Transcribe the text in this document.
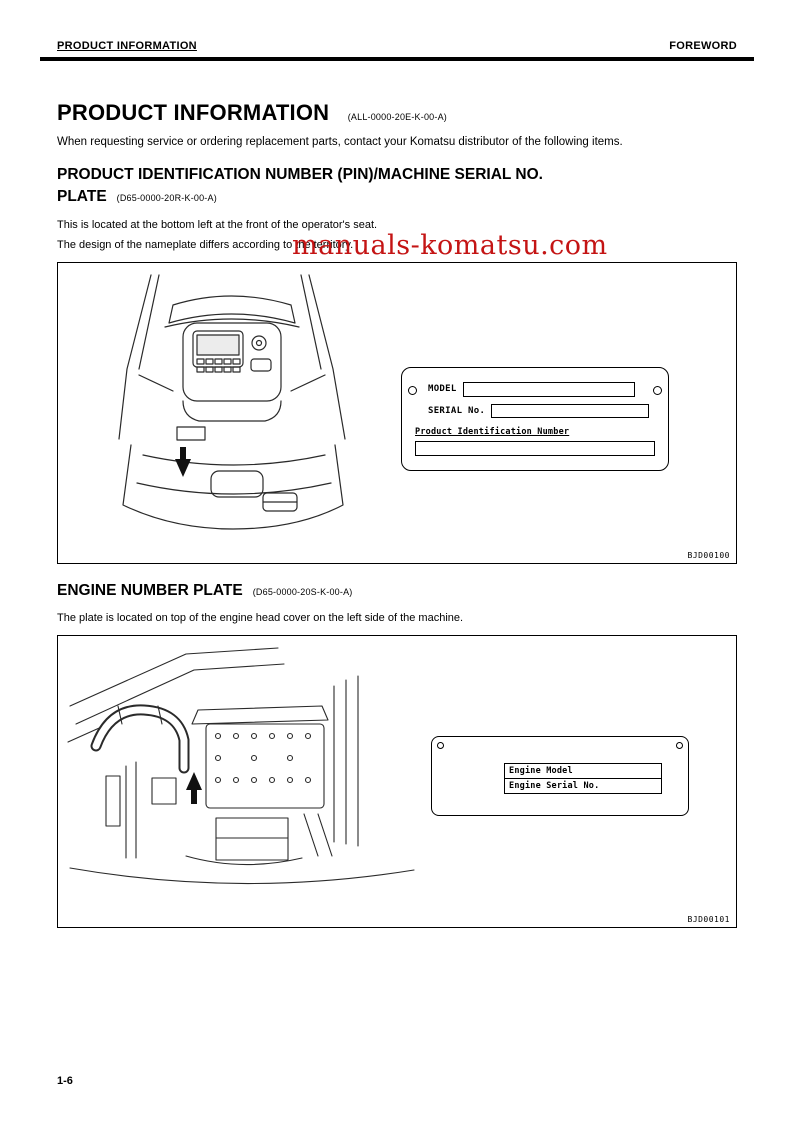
PRODUCT INFORMATION	FOREWORD
manuals-komatsu.com
PRODUCT INFORMATION (ALL-0000-20E-K-00-A)
When requesting service or ordering replacement parts, contact your Komatsu distributor of the following items.
PRODUCT IDENTIFICATION NUMBER (PIN)/MACHINE SERIAL NO.
PLATE (D65-0000-20R-K-00-A)
This is located at the bottom left at the front of the operator's seat.
The design of the nameplate differs according to the territory.
MODEL
SERIAL No.
Product Identification Number
BJD00100
ENGINE NUMBER PLATE (D65-0000-20S-K-00-A)
The plate is located on top of the engine head cover on the left side of the machine.
Engine Model
Engine Serial No.
BJD00101
1-6
